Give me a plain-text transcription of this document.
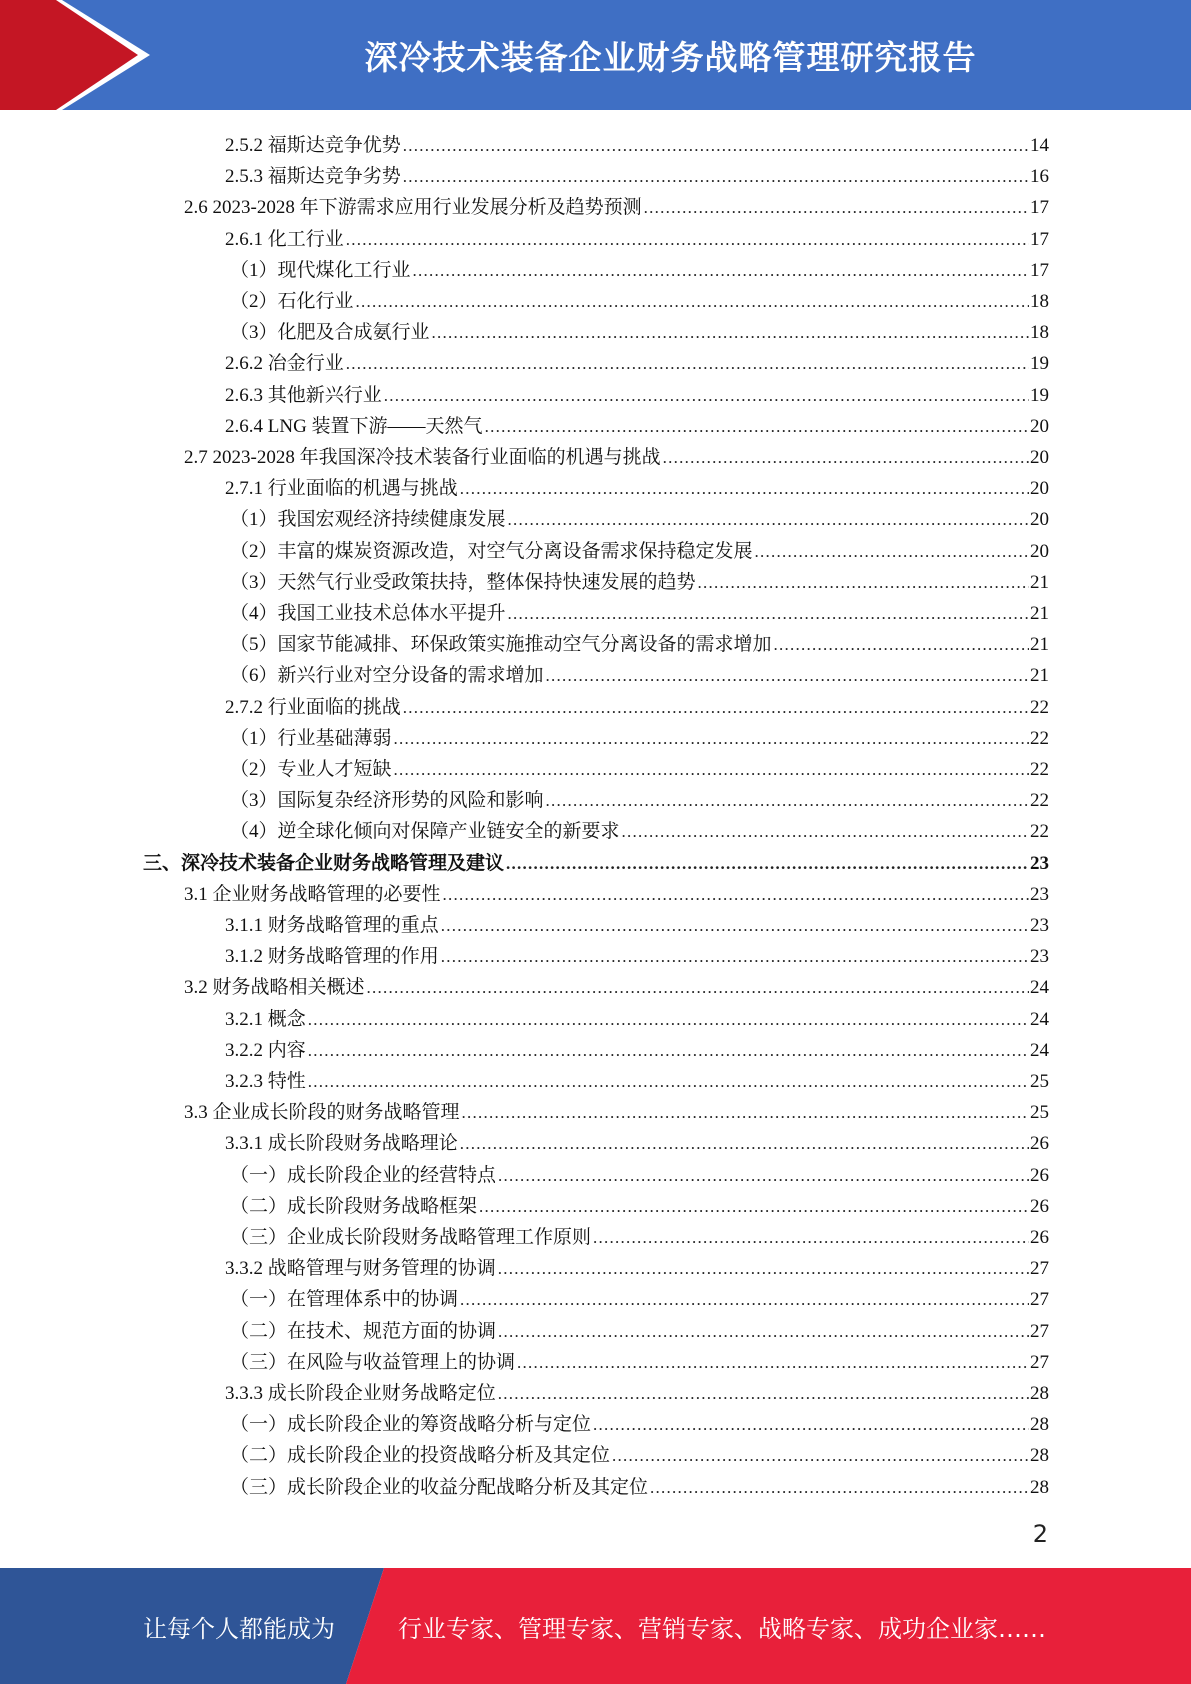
深冷技术装备企业财务战略管理研究报告
2.5.2 福斯达竞争优势 . . .	14
2.5.3 福斯达竞争劣势 . . .	16
2.6 2023-2028 年下游需求应用行业发展分析及趋势预测 . . .	17
2.6.1 化工行业 . . .	17
（1）现代煤化工行业 . . .	17
（2）石化行业 . . .	18
（3）化肥及合成氨行业 . . .	18
2.6.2 冶金行业 . . .	19
2.6.3 其他新兴行业 . . .	19
2.6.4 LNG 装置下游——天然气 . . .	20
2.7 2023-2028 年我国深冷技术装备行业面临的机遇与挑战 . . .	20
2.7.1 行业面临的机遇与挑战 . . .	20
（1）我国宏观经济持续健康发展 . . .	20
（2）丰富的煤炭资源改造，对空气分离设备需求保持稳定发展 . . .	20
（3）天然气行业受政策扶持，整体保持快速发展的趋势 . . .	21
（4）我国工业技术总体水平提升 . . .	21
（5）国家节能减排、环保政策实施推动空气分离设备的需求增加 . . .	21
（6）新兴行业对空分设备的需求增加 . . .	21
2.7.2 行业面临的挑战 . . .	22
（1）行业基础薄弱 . . .	22
（2）专业人才短缺 . . .	22
（3）国际复杂经济形势的风险和影响 . . .	22
（4）逆全球化倾向对保障产业链安全的新要求 . . .	22
三、深冷技术装备企业财务战略管理及建议 . . .	23
3.1 企业财务战略管理的必要性 . . .	23
3.1.1 财务战略管理的重点 . . .	23
3.1.2 财务战略管理的作用 . . .	23
3.2 财务战略相关概述 . . .	24
3.2.1 概念 . . .	24
3.2.2 内容 . . .	24
3.2.3 特性 . . .	25
3.3 企业成长阶段的财务战略管理 . . .	25
3.3.1 成长阶段财务战略理论 . . .	26
（一）成长阶段企业的经营特点 . . .	26
（二）成长阶段财务战略框架 . . .	26
（三）企业成长阶段财务战略管理工作原则 . . .	26
3.3.2 战略管理与财务管理的协调 . . .	27
（一）在管理体系中的协调 . . .	27
（二）在技术、规范方面的协调 . . .	27
（三）在风险与收益管理上的协调 . . .	27
3.3.3 成长阶段企业财务战略定位 . . .	28
（一）成长阶段企业的筹资战略分析与定位 . . .	28
（二）成长阶段企业的投资战略分析及其定位 . . .	28
（三）成长阶段企业的收益分配战略分析及其定位 . . .	28
2
让每个人都能成为	行业专家、管理专家、营销专家、战略专家、成功企业家……
